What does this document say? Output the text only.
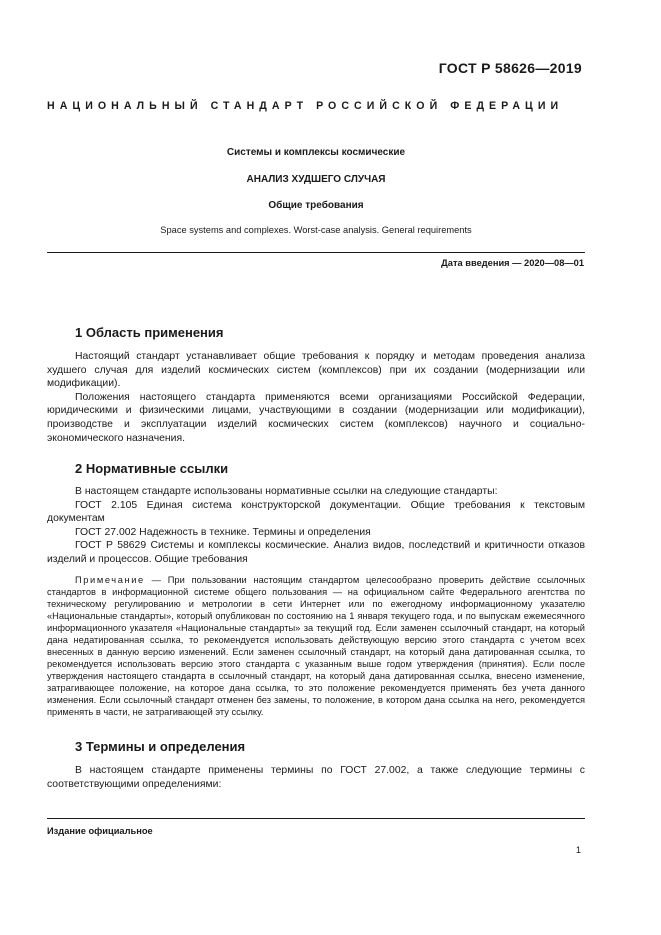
ГОСТ Р 58626—2019
НАЦИОНАЛЬНЫЙ СТАНДАРТ РОССИЙСКОЙ ФЕДЕРАЦИИ
Системы и комплексы космические
АНАЛИЗ ХУДШЕГО СЛУЧАЯ
Общие требования
Space systems and complexes. Worst-case analysis. General requirements
Дата введения — 2020—08—01
1 Область применения

Настоящий стандарт устанавливает общие требования к порядку и методам проведения анализа худшего случая для изделий космических систем (комплексов) при их создании (модернизации или модификации).

Положения настоящего стандарта применяются всеми организациями Российской Федерации, юридическими и физическими лицами, участвующими в создании (модернизации или модификации), производстве и эксплуатации изделий космических систем (комплексов) научного и социально-экономического назначения.

2 Нормативные ссылки

В настоящем стандарте использованы нормативные ссылки на следующие стандарты:

ГОСТ 2.105 Единая система конструкторской документации. Общие требования к текстовым документам

ГОСТ 27.002 Надежность в технике. Термины и определения

ГОСТ Р 58629 Системы и комплексы космические. Анализ видов, последствий и критичности отказов изделий и процессов. Общие требования

Примечание — При пользовании настоящим стандартом целесообразно проверить действие ссылочных стандартов в информационной системе общего пользования — на официальном сайте Федерального агентства по техническому регулированию и метрологии в сети Интернет или по ежегодному информационному указателю «Национальные стандарты», который опубликован по состоянию на 1 января текущего года, и по выпускам ежемесячного информационного указателя «Национальные стандарты» за текущий год. Если заменен ссылочный стандарт, на который дана недатированная ссылка, то рекомендуется использовать действующую версию этого стандарта с учетом всех внесенных в данную версию изменений. Если заменен ссылочный стандарт, на который дана датированная ссылка, то рекомендуется использовать версию этого стандарта с указанным выше годом утверждения (принятия). Если после утверждения настоящего стандарта в ссылочный стандарт, на который дана датированная ссылка, внесено изменение, затрагивающее положение, на которое дана ссылка, то это положение рекомендуется применять без учета данного изменения. Если ссылочный стандарт отменен без замены, то положение, в котором дана ссылка на него, рекомендуется применять в части, не затрагивающей эту ссылку.

3 Термины и определения

В настоящем стандарте применены термины по ГОСТ 27.002, а также следующие термины с соответствующими определениями:

Издание официальное
1
